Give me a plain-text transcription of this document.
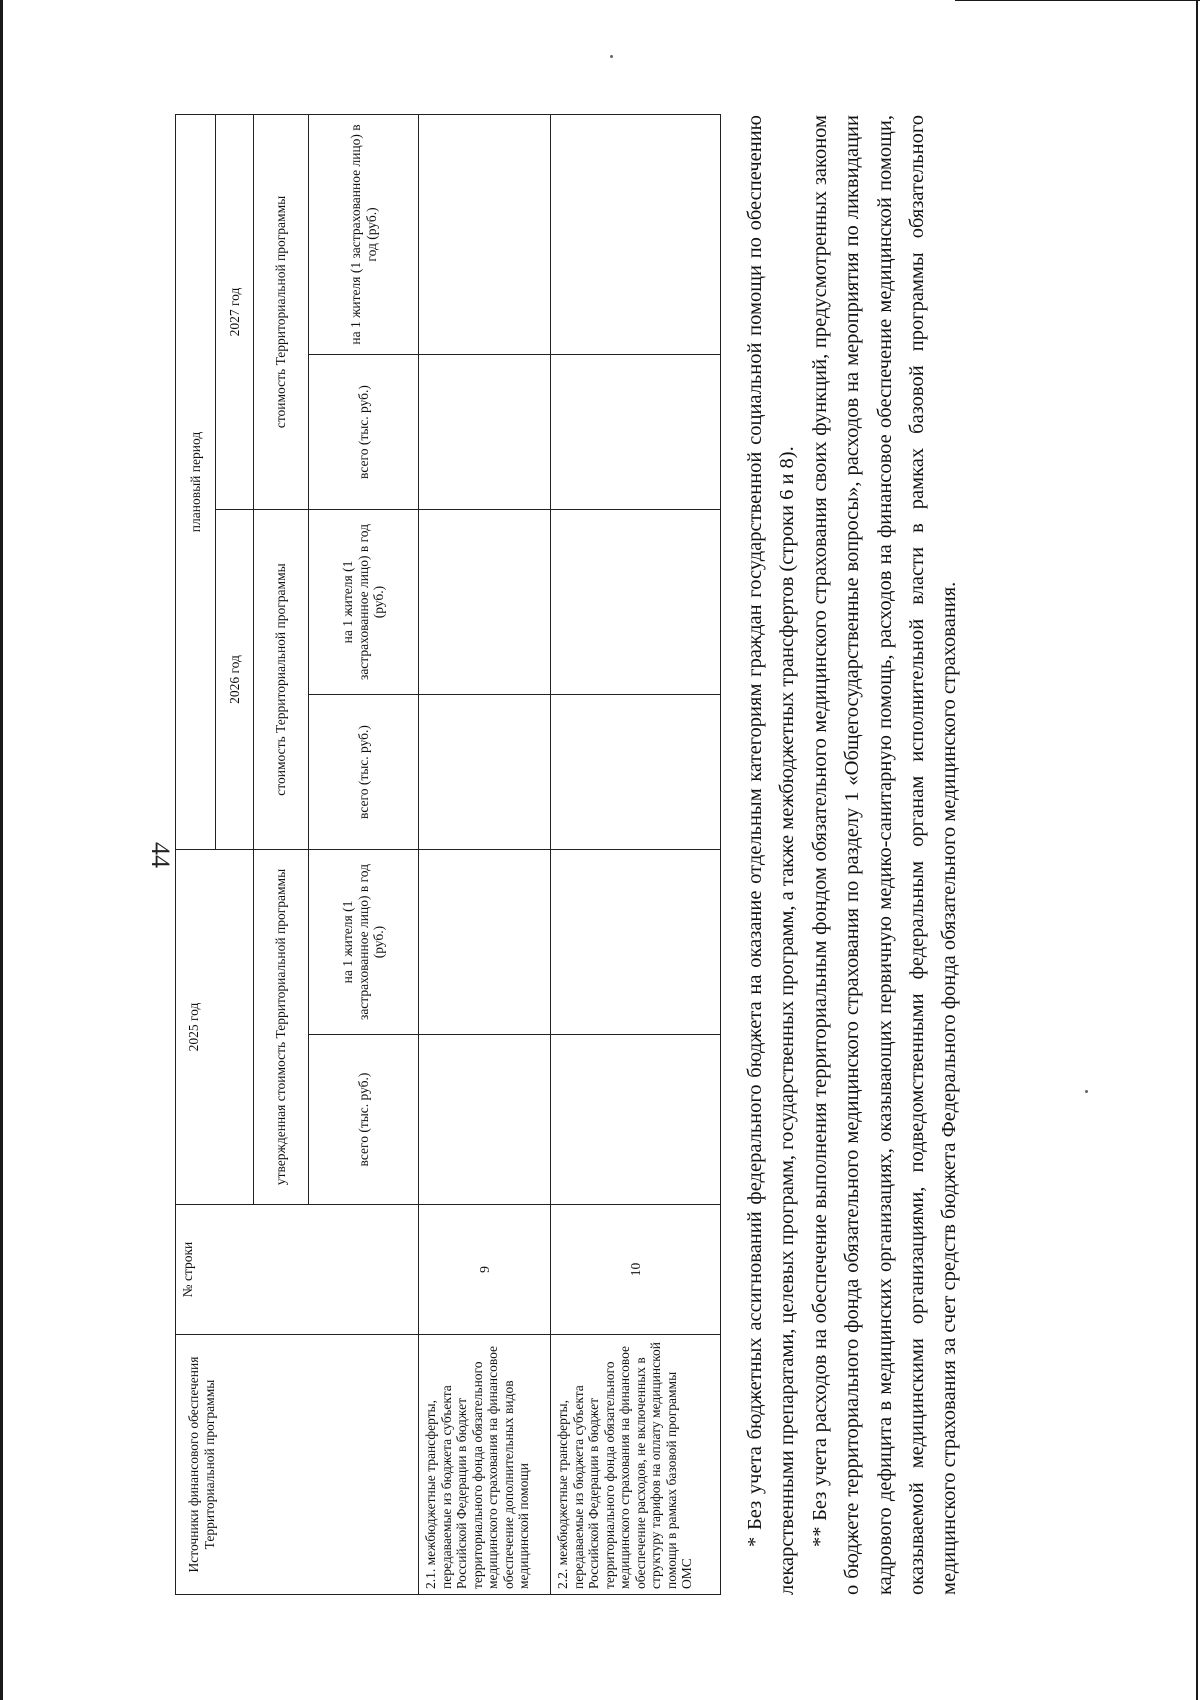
44
Источники финансового обеспечения Территориальной программы	№ строки	2025 год		плановый период			
				2026 год		2027 год	
		утвержденная стоимость Территориальной программы		стоимость Территориальной программы		стоимость Территориальной программы	
		всего (тыс. руб.)	на 1 жителя (1 застрахованное лицо) в год (руб.)	всего (тыс. руб.)	на 1 жителя (1 застрахованное лицо) в год (руб.)	всего (тыс. руб.)	на 1 жителя (1 застрахованное лицо) в год (руб.)
2.1. межбюджетные трансферты, передаваемые из бюджета субъекта Российской Федерации в бюджет территориального фонда обязательного медицинского страхования на финансовое обеспечение дополнительных видов медицинской помощи	9						
2.2. межбюджетные трансферты, передаваемые из бюджета субъекта Российской Федерации в бюджет территориального фонда обязательного медицинского страхования на финансовое обеспечение расходов, не включенных в структуру тарифов на оплату медицинской помощи в рамках базовой программы ОМС	10							* Без учета бюджетных ассигнований федерального бюджета на оказание отдельным категориям граждан государственной социальной помощи по обеспечению лекарственными препаратами, целевых программ, государственных программ, а также межбюджетных трансфертов (строки 6 и 8). ** Без учета расходов на обеспечение выполнения территориальным фондом обязательного медицинского страхования своих функций, предусмотренных законом о бюджете территориального фонда обязательного медицинского страхования по разделу 1 «Общегосударственные вопросы», расходов на мероприятия по ликвидации кадрового дефицита в медицинских организациях, оказывающих первичную медико-санитарную помощь, расходов на финансовое обеспечение медицинской помощи, оказываемой медицинскими организациями, подведомственными федеральным органам исполнительной власти в рамках базовой программы обязательного медицинского страхования за счет средств бюджета Федерального фонда обязательного медицинского страхования.
